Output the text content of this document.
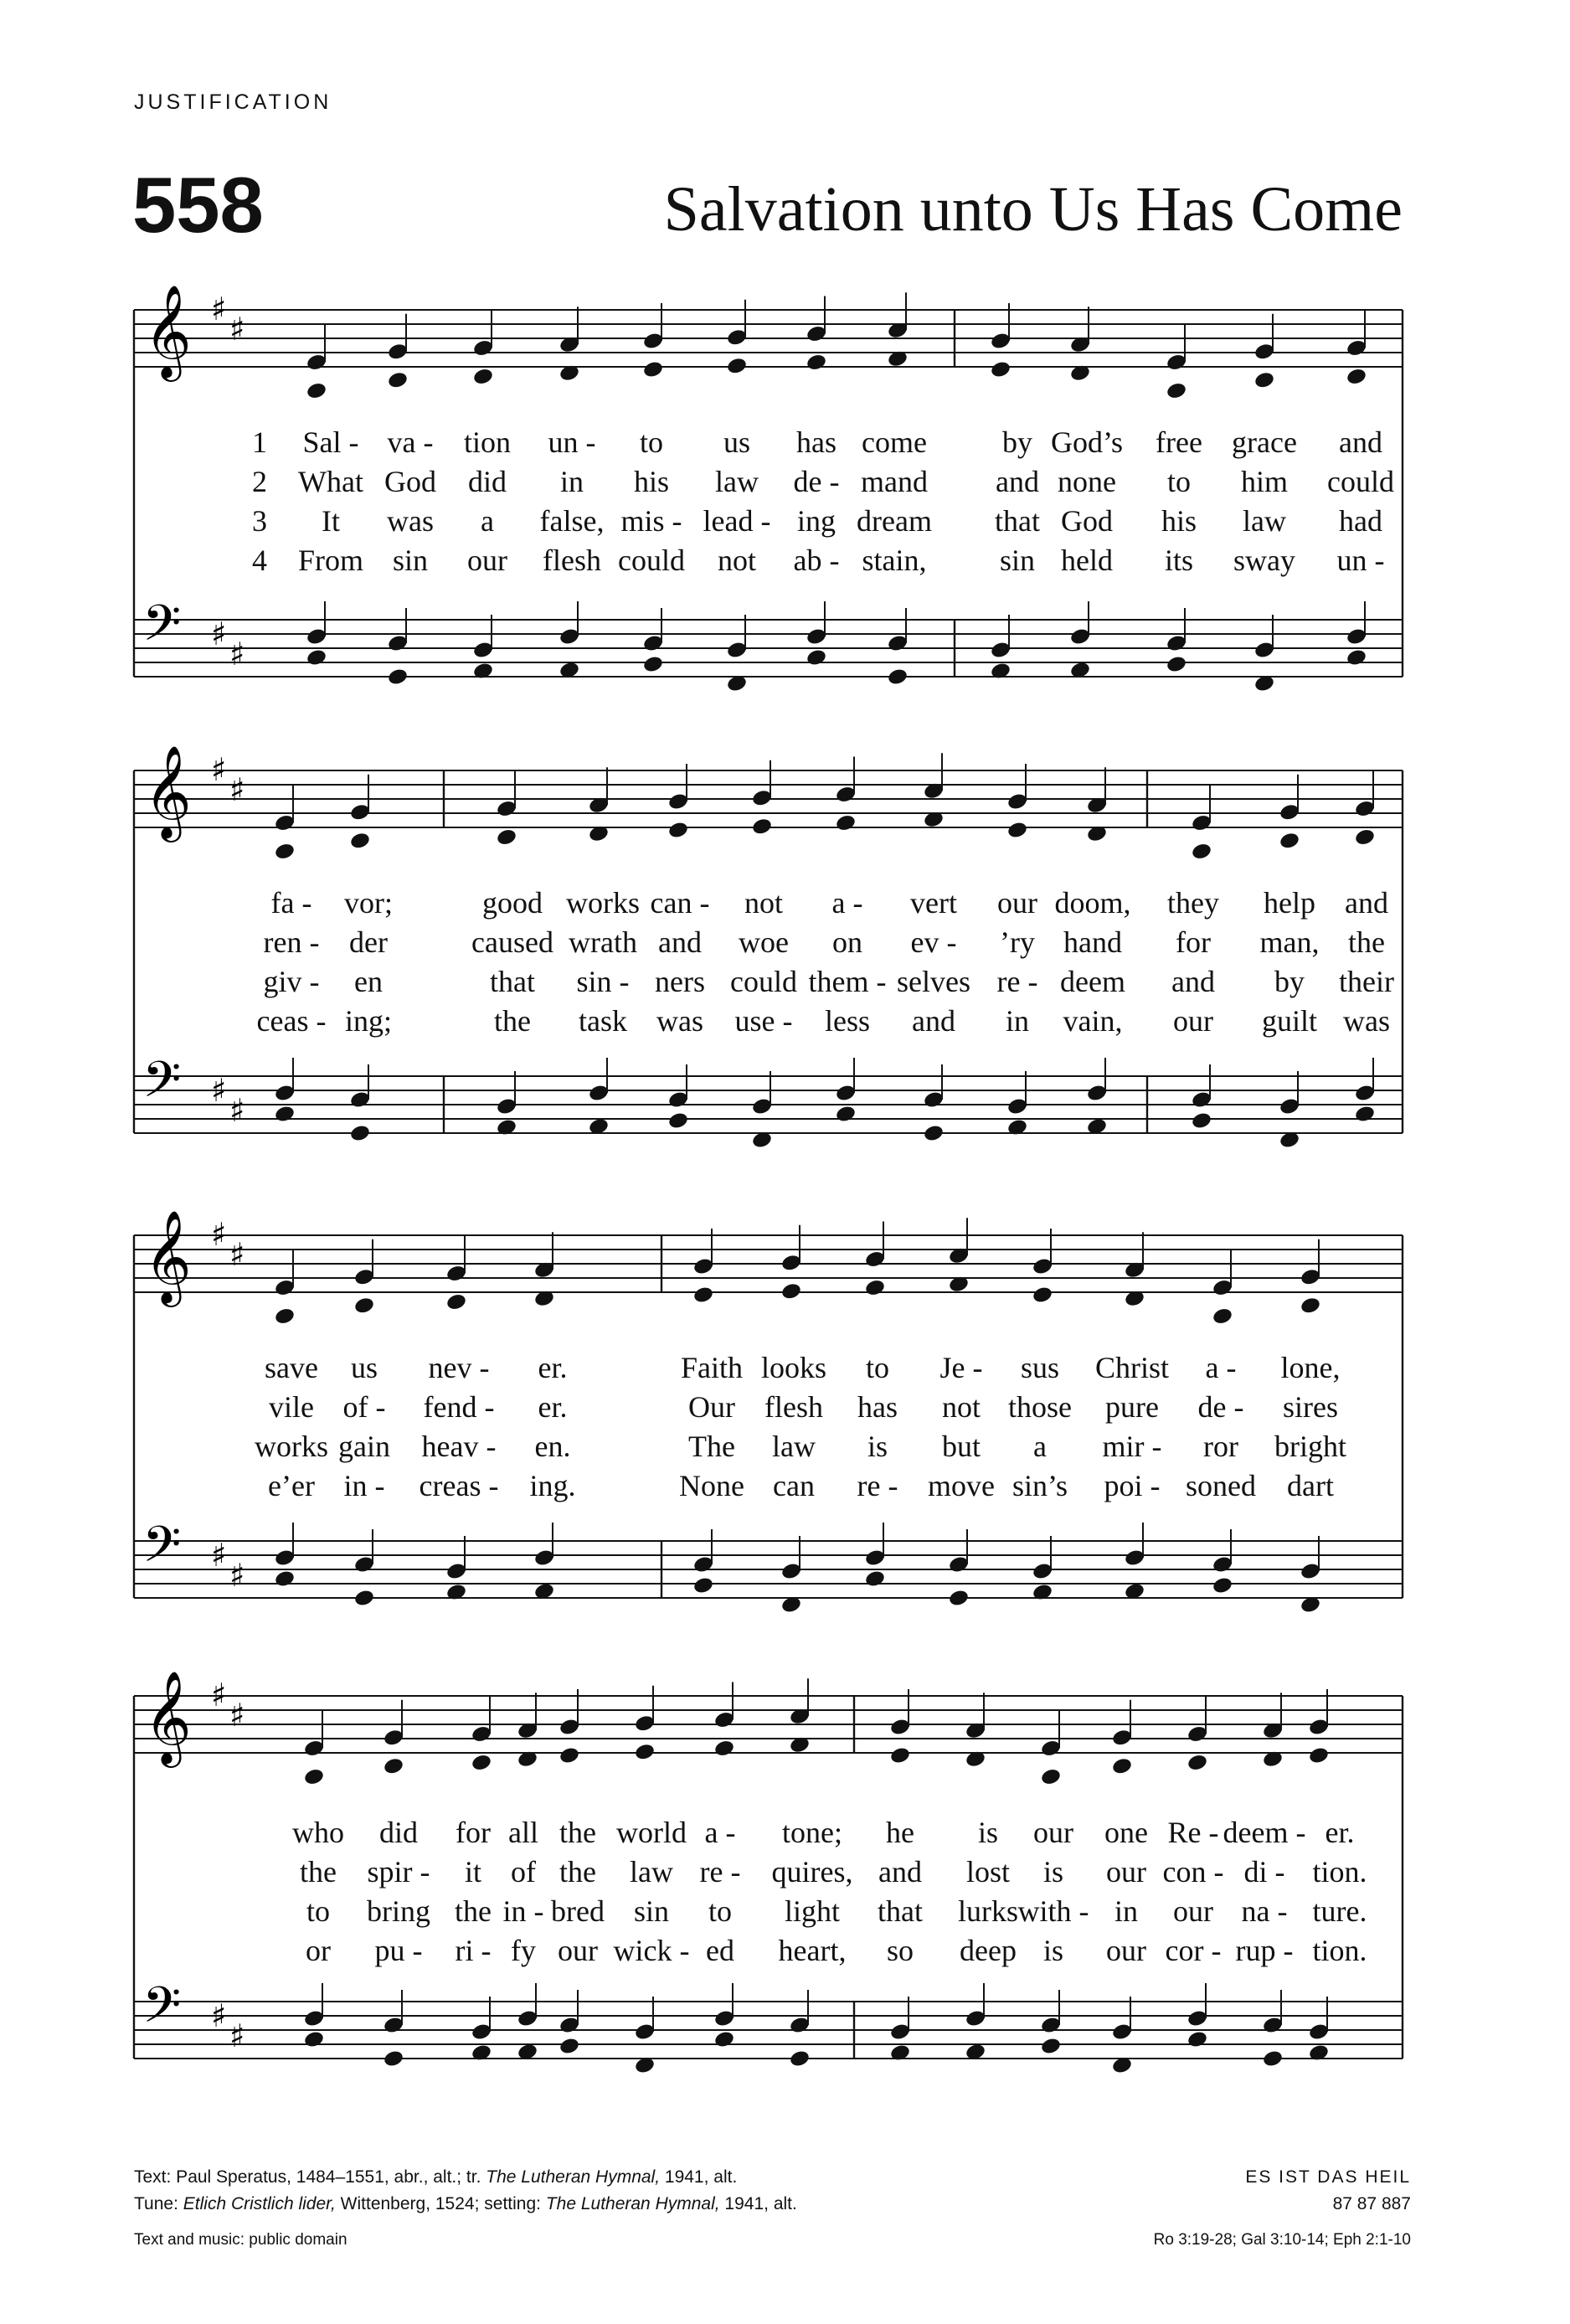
JUSTIFICATION
558	Salvation unto Us Has Come
𝄞
𝄢
♯
♯
♯
♯
1 Sal - va - tion un - to us has come	by God’s free grace and
2 What God did in his law de - mand and none to him could
3 It was a false, mis - lead - ing dream that God his law had
4 From sin our flesh could not ab - stain, sin held its sway un -
𝄞
𝄢
♯
♯
♯
♯
fa - vor;	good works can - not a - vert our doom, they help and
ren - der	caused wrath and woe on ev - ’ry hand for man, the
giv - en	that sin - ners could them - selves re - deem and by their
ceas - ing;	the task was use - less and in vain, our guilt was
𝄞
𝄢
♯
♯
♯
♯
save us nev - er.	Faith looks to Je - sus Christ a - lone,
vile of - fend - er.	Our flesh has not those pure de - sires
works gain heav - en.	The law is but a mir - ror bright
e’er in - creas - ing.	None can re - move sin’s poi - soned dart
𝄞
𝄢
♯
♯
♯
♯
who did for all the world a - tone; he is our one Re - deem - er.
the spir - it of the law re - quires, and lost is our con - di - tion.
to bring the in - bred sin to light that lurks with - in our na - ture.
or pu - ri - fy our wick - ed heart, so deep is our cor - rup - tion.
Text: Paul Speratus, 1484–1551, abr., alt.; tr. The Lutheran Hymnal, 1941, alt.
Tune: Etlich Cristlich lider, Wittenberg, 1524; setting: The Lutheran Hymnal, 1941, alt.
ES IST DAS HEIL
87 87 887
Text and music: public domain	Ro 3:19-28; Gal 3:10-14; Eph 2:1-10
